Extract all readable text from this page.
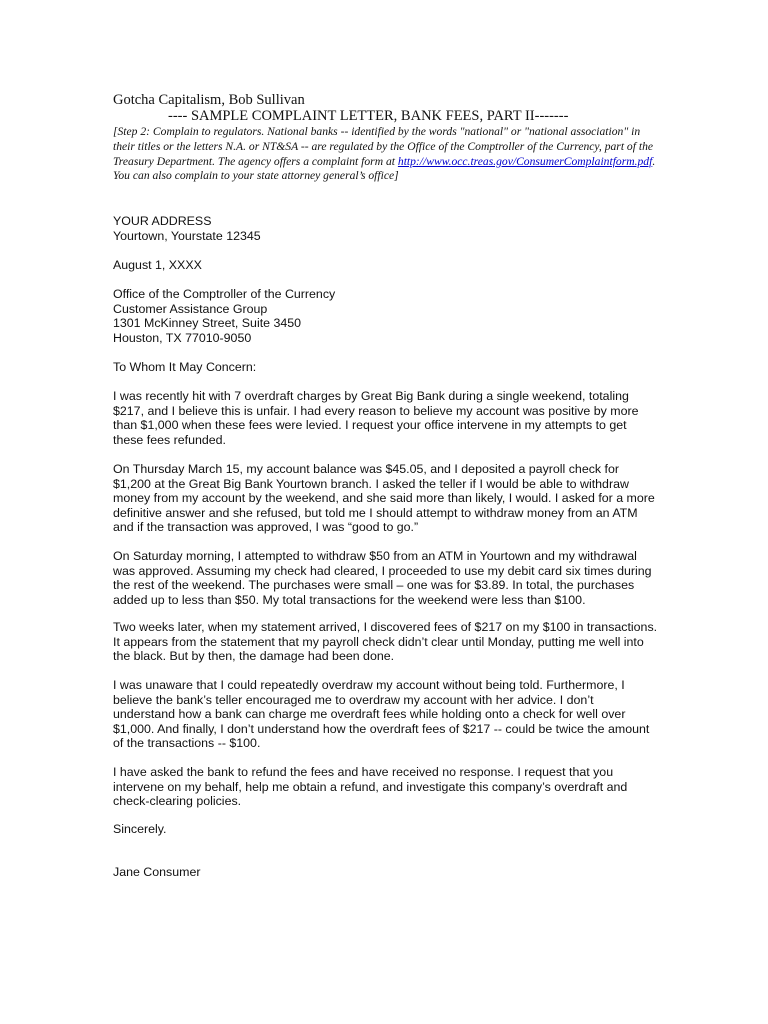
Gotcha Capitalism, Bob Sullivan
---- SAMPLE COMPLAINT LETTER, BANK FEES, PART II-------
[Step 2: Complain to regulators. National banks -- identified by the words "national" or "national association" in their titles or the letters N.A. or NT&SA -- are regulated by the Office of the Comptroller of the Currency, part of the Treasury Department. The agency offers a complaint form at http://www.occ.treas.gov/ConsumerComplaintform.pdf. You can also complain to your state attorney general’s office]
YOUR ADDRESS
Yourtown, Yourstate 12345
August 1, XXXX
Office of the Comptroller of the Currency
Customer Assistance Group
1301 McKinney Street, Suite 3450
Houston, TX 77010-9050
To Whom It May Concern:

I was recently hit with 7 overdraft charges by Great Big Bank during a single weekend, totaling $217, and I believe this is unfair. I had every reason to believe my account was positive by more than $1,000 when these fees were levied. I request your office intervene in my attempts to get these fees refunded.

On Thursday March 15, my account balance was $45.05, and I deposited a payroll check for $1,200 at the Great Big Bank Yourtown branch. I asked the teller if I would be able to withdraw money from my account by the weekend, and she said more than likely, I would. I asked for a more definitive answer and she refused, but told me I should attempt to withdraw money from an ATM and if the transaction was approved, I was “good to go.”

On Saturday morning, I attempted to withdraw $50 from an ATM in Yourtown and my withdrawal was approved. Assuming my check had cleared, I proceeded to use my debit card six times during the rest of the weekend. The purchases were small – one was for $3.89. In total, the purchases added up to less than $50. My total transactions for the weekend were less than $100.

Two weeks later, when my statement arrived, I discovered fees of $217 on my $100 in transactions. It appears from the statement that my payroll check didn’t clear until Monday, putting me well into the black. But by then, the damage had been done.

I was unaware that I could repeatedly overdraw my account without being told. Furthermore, I believe the bank’s teller encouraged me to overdraw my account with her advice. I don’t understand how a bank can charge me overdraft fees while holding onto a check for well over $1,000. And finally, I don’t understand how the overdraft fees of $217 -- could be twice the amount of the transactions -- $100.

I have asked the bank to refund the fees and have received no response. I request that you intervene on my behalf, help me obtain a refund, and investigate this company’s overdraft and check-clearing policies.

Sincerely.
Jane Consumer
